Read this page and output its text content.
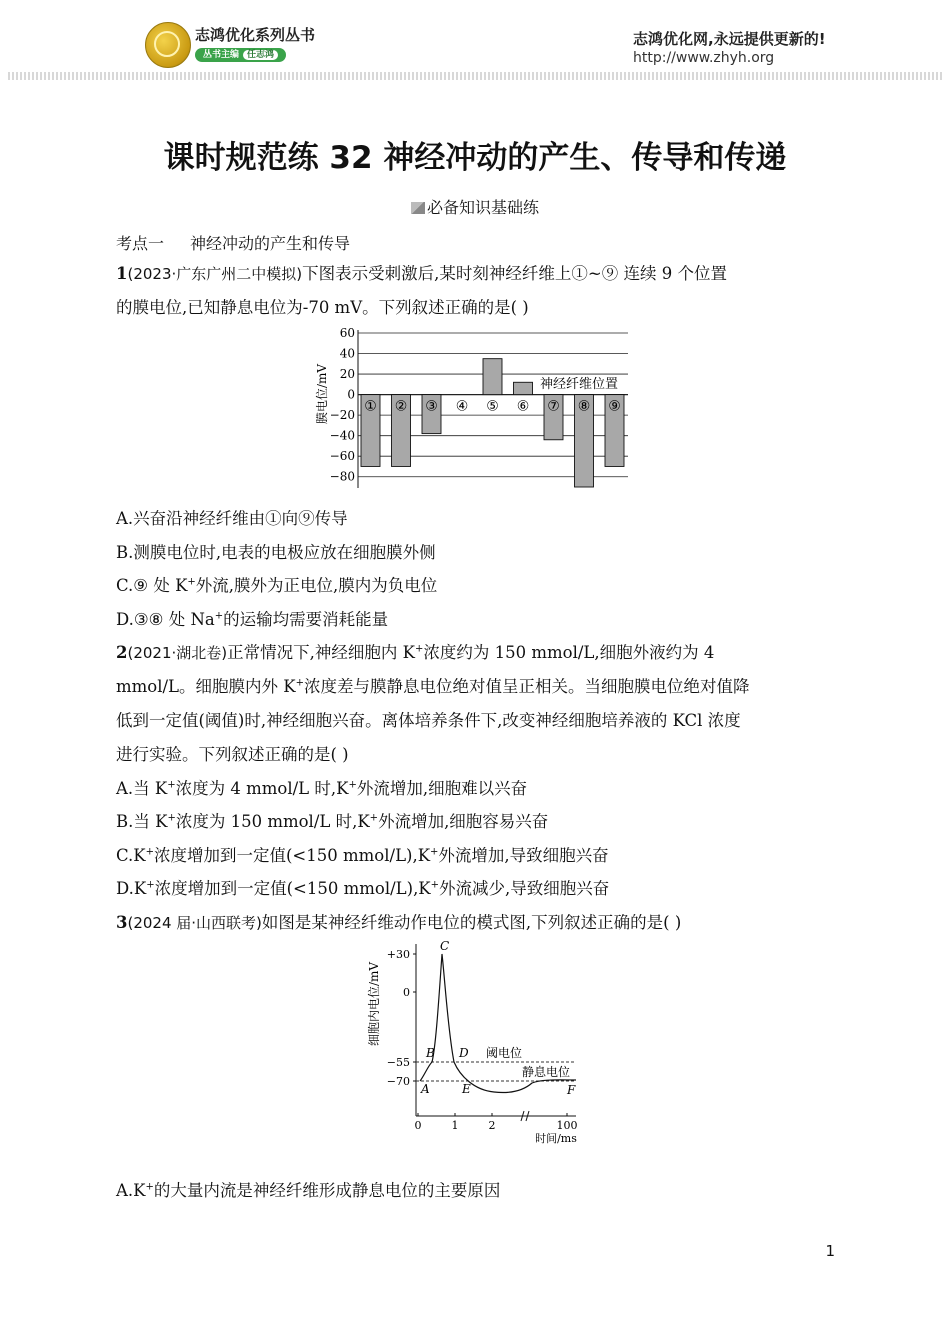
志鸿优化系列丛书
丛书主编 任志鸿
志鸿优化网,永远提供更新的!
http://www.zhyh.org
课时规范练 32 神经冲动的产生、传导和传递
必备知识基础练
考点一 神经冲动的产生和传导
1(2023·广东广州二中模拟)下图表示受刺激后,某时刻神经纤维上①~⑨ 连续 9 个位置
的膜电位,已知静息电位为-70 mV。下列叙述正确的是( )
60
40
20
0
−20
−40
−60
−80
① ② ③ ④ ⑤ ⑥ ⑦ ⑧ ⑨
膜电位/mV	神经纤维位置
A.兴奋沿神经纤维由①向⑨传导
B.测膜电位时,电表的电极应放在细胞膜外侧
C.⑨ 处 K+外流,膜外为正电位,膜内为负电位
D.③⑧ 处 Na+的运输均需要消耗能量
2(2021·湖北卷)正常情况下,神经细胞内 K+浓度约为 150 mmol/L,细胞外液约为 4
mmol/L。细胞膜内外 K+浓度差与膜静息电位绝对值呈正相关。当细胞膜电位绝对值降
低到一定值(阈值)时,神经细胞兴奋。离体培养条件下,改变神经细胞培养液的 KCl 浓度
进行实验。下列叙述正确的是( )
A.当 K+浓度为 4 mmol/L 时,K+外流增加,细胞难以兴奋
B.当 K+浓度为 150 mmol/L 时,K+外流增加,细胞容易兴奋
C.K+浓度增加到一定值(<150 mmol/L),K+外流增加,导致细胞兴奋
D.K+浓度增加到一定值(<150 mmol/L),K+外流减少,导致细胞兴奋
3(2024 届·山西联考)如图是某神经纤维动作电位的模式图,下列叙述正确的是( )
+30
0
−55
−70
0	1	2	100
细胞内电位/mV
时间/ms
阈电位
静息电位
C
B D
A	E	F
A.K+的大量内流是神经纤维形成静息电位的主要原因
1
